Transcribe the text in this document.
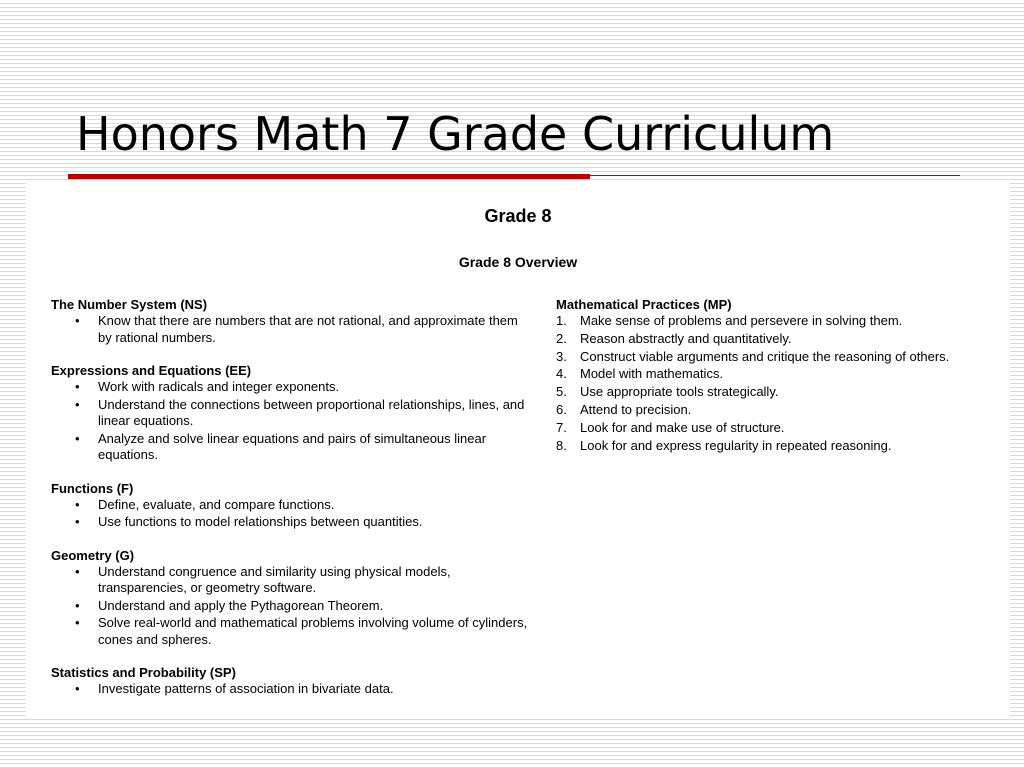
Honors Math 7 Grade Curriculum
Grade 8
Grade 8 Overview

The Number System (NS)

• Know that there are numbers that are not rational, and approximate them by rational numbers.

Expressions and Equations (EE)

• Work with radicals and integer exponents.
• Understand the connections between proportional relationships, lines, and linear equations.
• Analyze and solve linear equations and pairs of simultaneous linear equations.

Functions (F)

• Define, evaluate, and compare functions.
• Use functions to model relationships between quantities.

Geometry (G)

• Understand congruence and similarity using physical models, transparencies, or geometry software.
• Understand and apply the Pythagorean Theorem.
• Solve real-world and mathematical problems involving volume of cylinders, cones and spheres.

Statistics and Probability (SP)

• Investigate patterns of association in bivariate data.

Mathematical Practices (MP)

1. Make sense of problems and persevere in solving them.
2. Reason abstractly and quantitatively.
3. Construct viable arguments and critique the reasoning of others.
4. Model with mathematics.
5. Use appropriate tools strategically.
6. Attend to precision.
7. Look for and make use of structure.
8. Look for and express regularity in repeated reasoning.
